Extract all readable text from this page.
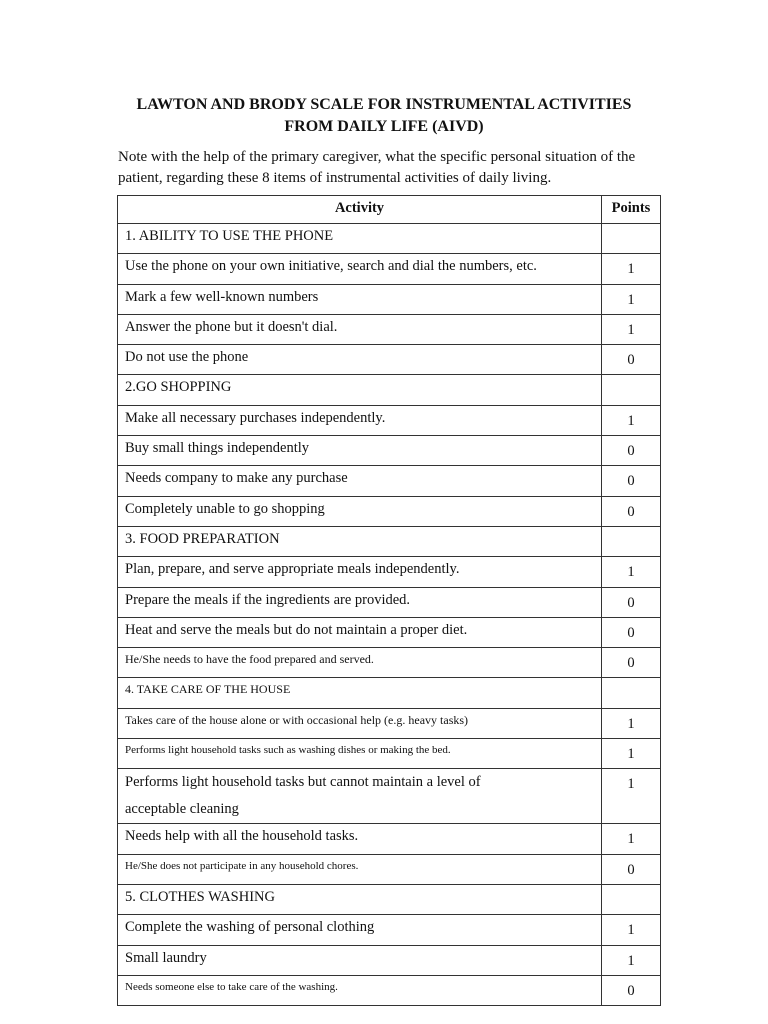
LAWTON AND BRODY SCALE FOR INSTRUMENTAL ACTIVITIES
FROM DAILY LIFE (AIVD)
Note with the help of the primary caregiver, what the specific personal situation of the
patient, regarding these 8 items of instrumental activities of daily living.
Activity	Points
1. ABILITY TO USE THE PHONE	
Use the phone on your own initiative, search and dial the numbers, etc.	1
Mark a few well-known numbers	1
Answer the phone but it doesn't dial.	1
Do not use the phone	0
2.GO SHOPPING	
Make all necessary purchases independently.	1
Buy small things independently	0
Needs company to make any purchase	0
Completely unable to go shopping	0
3. FOOD PREPARATION	
Plan, prepare, and serve appropriate meals independently.	1
Prepare the meals if the ingredients are provided.	0
Heat and serve the meals but do not maintain a proper diet.	0
He/She needs to have the food prepared and served.	0
4. TAKE CARE OF THE HOUSE	
Takes care of the house alone or with occasional help (e.g. heavy tasks)	1
Performs light household tasks such as washing dishes or making the bed.	1

Performs light household tasks but cannot maintain a level of
acceptable cleaning	1
Needs help with all the household tasks.	1
He/She does not participate in any household chores.	0
5. CLOTHES WASHING	
Complete the washing of personal clothing	1
Small laundry	1
Needs someone else to take care of the washing.	0
